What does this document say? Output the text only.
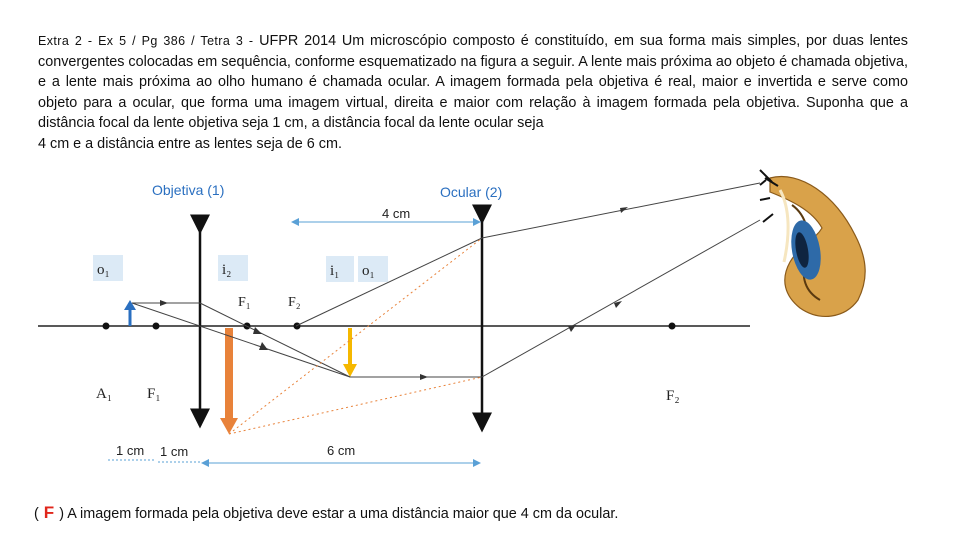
Extra 2 - Ex 5 / Pg 386 / Tetra 3 - UFPR 2014 Um microscópio composto é constituído, em sua forma mais simples, por duas lentes convergentes colocadas em sequência, conforme esquematizado na figura a seguir. A lente mais próxima ao objeto é chamada objetiva, e a lente mais próxima ao olho humano é chamada ocular. A imagem formada pela objetiva é real, maior e invertida e serve como objeto para a ocular, que forma uma imagem virtual, direita e maior com relação à imagem formada pela objetiva. Suponha que a distância focal da lente objetiva seja 1 cm, a distância focal da lente ocular seja
4 cm e a distância entre as lentes seja de 6 cm.
Objetiva (1)	Ocular (2)
4 cm
o₁	i₂	i₁ o₁
F₁	F₂
A₁ F₁	F₂
1 cm 1 cm	6 cm
( F ) A imagem formada pela objetiva deve estar a uma distância maior que 4 cm da ocular.
